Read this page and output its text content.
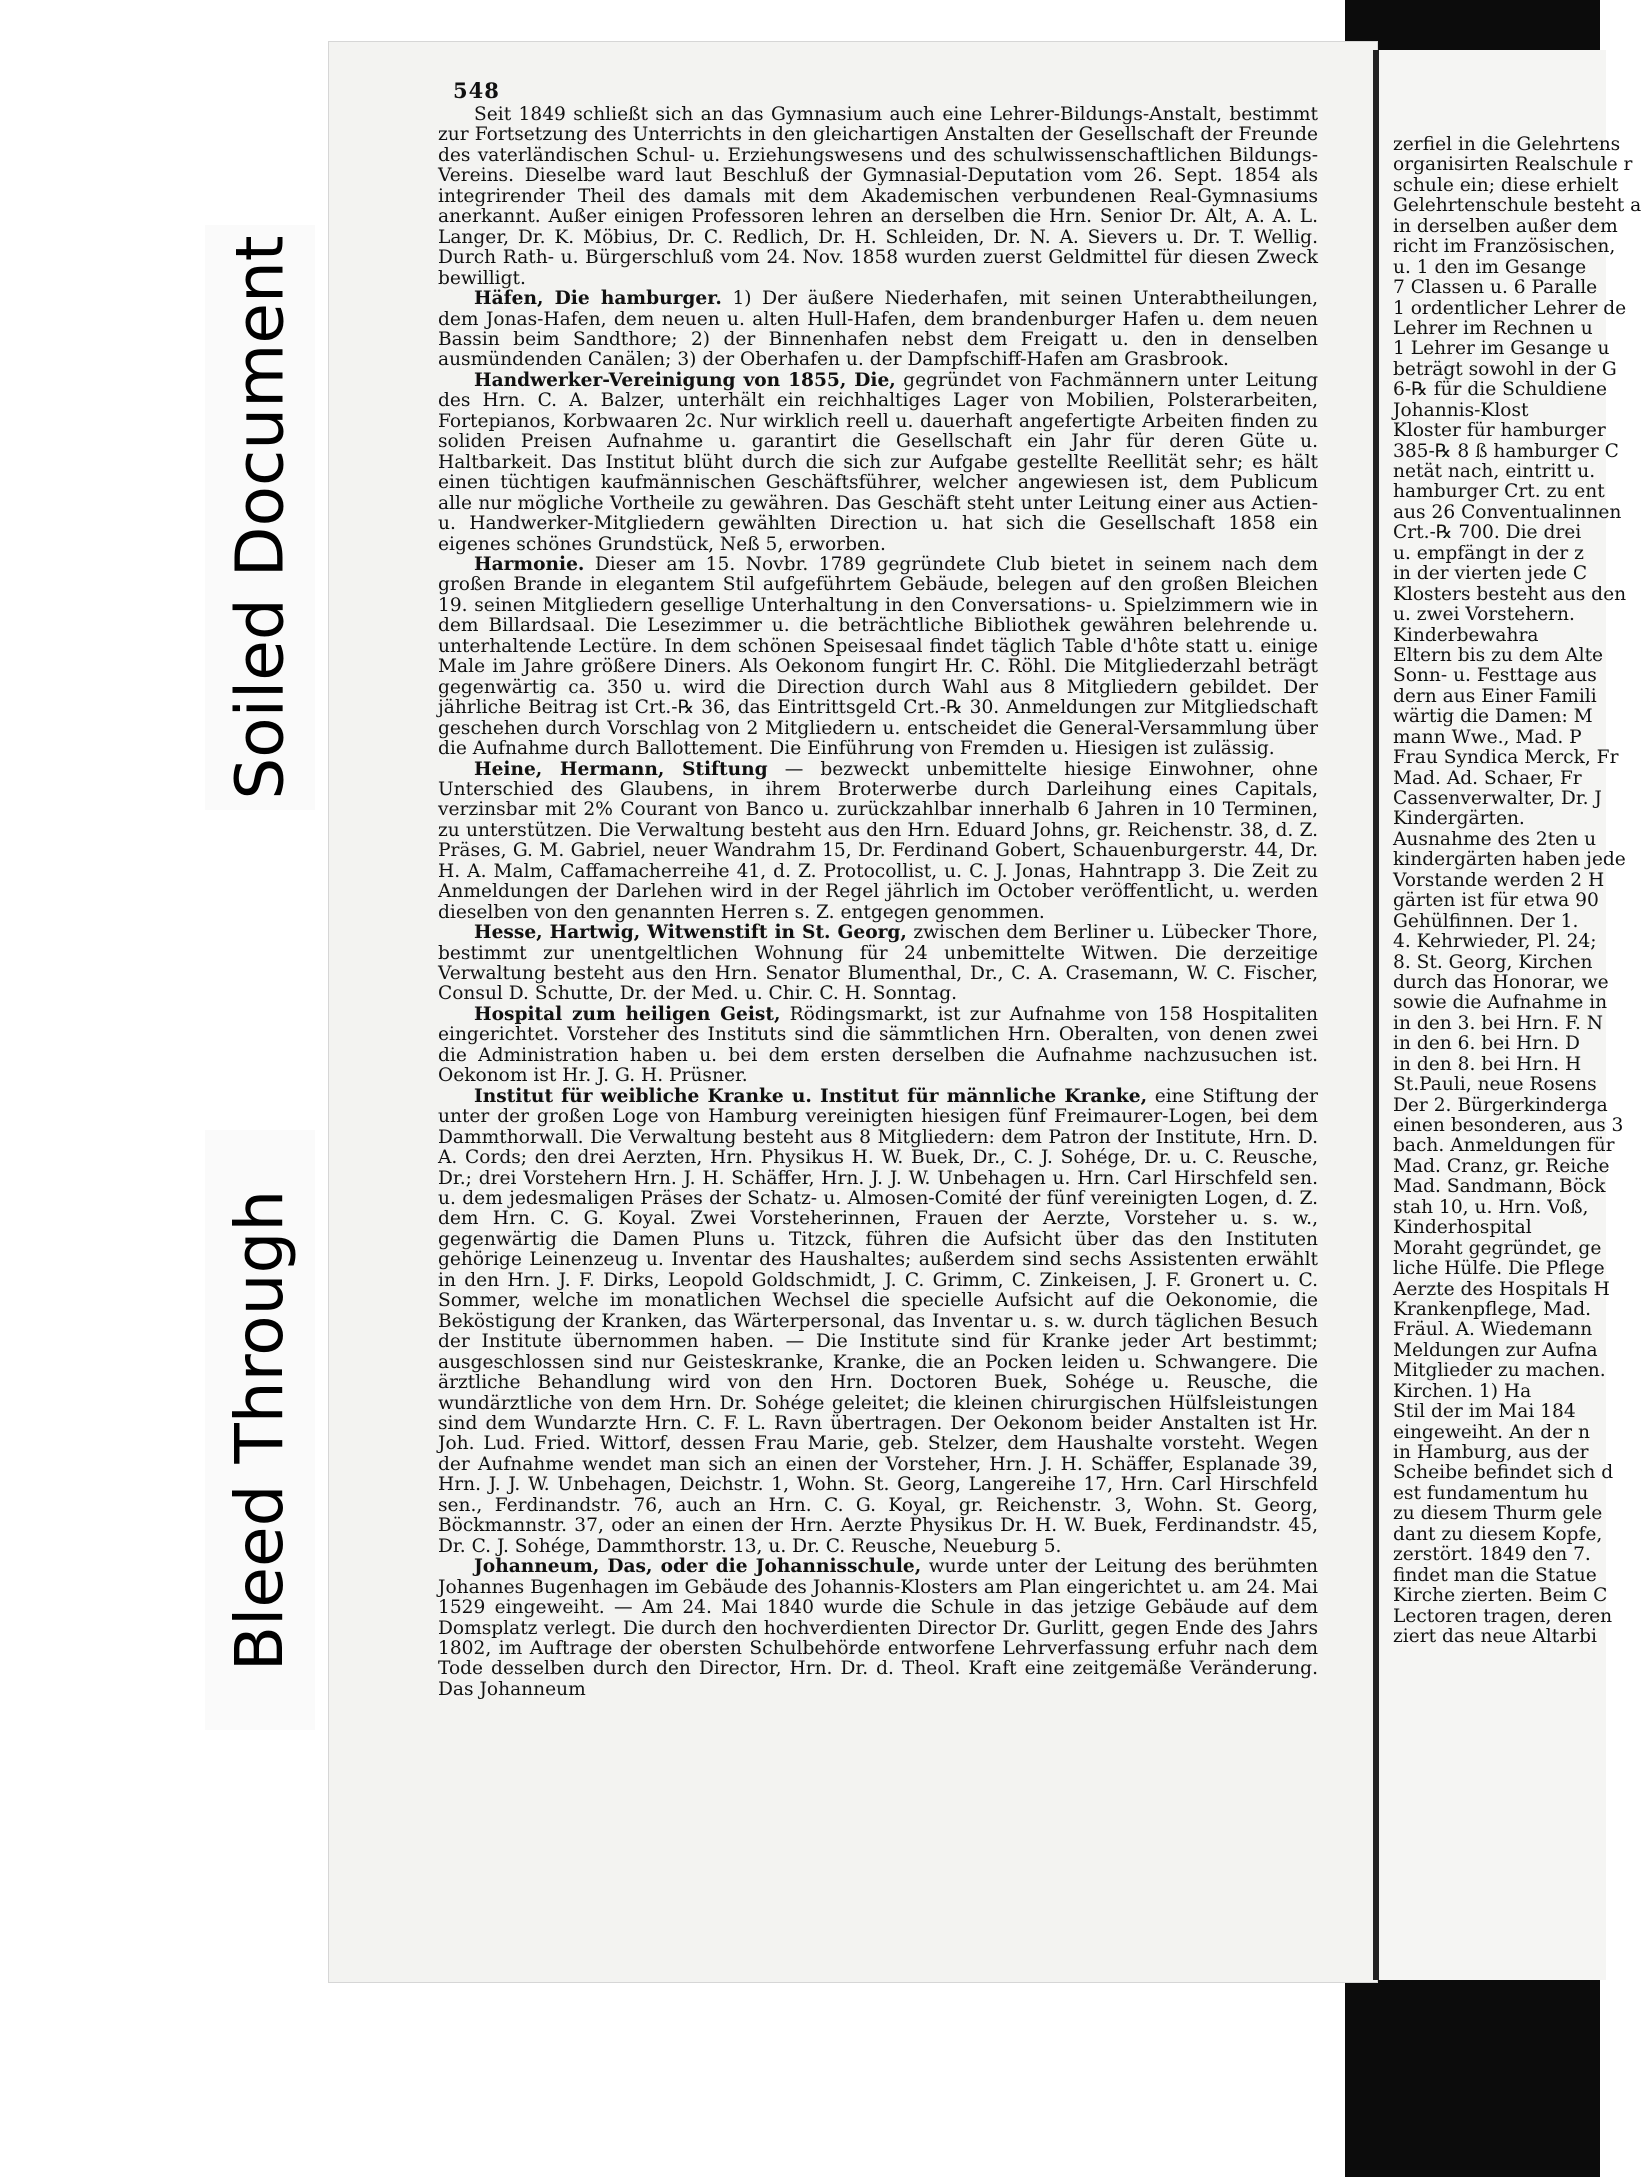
Soiled Document
Bleed Through
548

Seit 1849 schließt sich an das Gymnasium auch eine Lehrer-Bildungs-Anstalt, bestimmt zur Fortsetzung des Unterrichts in den gleichartigen Anstalten der Gesellschaft der Freunde des vaterländischen Schul- u. Erziehungswesens und des schulwissenschaftlichen Bildungs-Vereins. Dieselbe ward laut Beschluß der Gymnasial-Deputation vom 26. Sept. 1854 als integrirender Theil des damals mit dem Akademischen verbundenen Real-Gymnasiums anerkannt. Außer einigen Professoren lehren an derselben die Hrn. Senior Dr. Alt, A. A. L. Langer, Dr. K. Möbius, Dr. C. Redlich, Dr. H. Schleiden, Dr. N. A. Sievers u. Dr. T. Wellig. Durch Rath- u. Bürgerschluß vom 24. Nov. 1858 wurden zuerst Geldmittel für diesen Zweck bewilligt.

Häfen, Die hamburger. 1) Der äußere Niederhafen, mit seinen Unterabtheilungen, dem Jonas-Hafen, dem neuen u. alten Hull-Hafen, dem brandenburger Hafen u. dem neuen Bassin beim Sandthore; 2) der Binnenhafen nebst dem Freigatt u. den in denselben ausmündenden Canälen; 3) der Oberhafen u. der Dampfschiff-Hafen am Grasbrook.

Handwerker-Vereinigung von 1855, Die, gegründet von Fachmännern unter Leitung des Hrn. C. A. Balzer, unterhält ein reichhaltiges Lager von Mobilien, Polsterarbeiten, Fortepianos, Korbwaaren 2c. Nur wirklich reell u. dauerhaft angefertigte Arbeiten finden zu soliden Preisen Aufnahme u. garantirt die Gesellschaft ein Jahr für deren Güte u. Haltbarkeit. Das Institut blüht durch die sich zur Aufgabe gestellte Reellität sehr; es hält einen tüchtigen kaufmännischen Geschäftsführer, welcher angewiesen ist, dem Publicum alle nur mögliche Vortheile zu gewähren. Das Geschäft steht unter Leitung einer aus Actien- u. Handwerker-Mitgliedern gewählten Direction u. hat sich die Gesellschaft 1858 ein eigenes schönes Grundstück, Neß 5, erworben.

Harmonie. Dieser am 15. Novbr. 1789 gegründete Club bietet in seinem nach dem großen Brande in elegantem Stil aufgeführtem Gebäude, belegen auf den großen Bleichen 19. seinen Mitgliedern gesellige Unterhaltung in den Conversations- u. Spielzimmern wie in dem Billardsaal. Die Lesezimmer u. die beträchtliche Bibliothek gewähren belehrende u. unterhaltende Lectüre. In dem schönen Speisesaal findet täglich Table d'hôte statt u. einige Male im Jahre größere Diners. Als Oekonom fungirt Hr. C. Röhl. Die Mitgliederzahl beträgt gegenwärtig ca. 350 u. wird die Direction durch Wahl aus 8 Mitgliedern gebildet. Der jährliche Beitrag ist Crt.-℞ 36, das Eintrittsgeld Crt.-℞ 30. Anmeldungen zur Mitgliedschaft geschehen durch Vorschlag von 2 Mitgliedern u. entscheidet die General-Versammlung über die Aufnahme durch Ballottement. Die Einführung von Fremden u. Hiesigen ist zulässig.

Heine, Hermann, Stiftung — bezweckt unbemittelte hiesige Einwohner, ohne Unterschied des Glaubens, in ihrem Broterwerbe durch Darleihung eines Capitals, verzinsbar mit 2% Courant von Banco u. zurückzahlbar innerhalb 6 Jahren in 10 Terminen, zu unterstützen. Die Verwaltung besteht aus den Hrn. Eduard Johns, gr. Reichenstr. 38, d. Z. Präses, G. M. Gabriel, neuer Wandrahm 15, Dr. Ferdinand Gobert, Schauenburgerstr. 44, Dr. H. A. Malm, Caffamacherreihe 41, d. Z. Protocollist, u. C. J. Jonas, Hahntrapp 3. Die Zeit zu Anmeldungen der Darlehen wird in der Regel jährlich im October veröffentlicht, u. werden dieselben von den genannten Herren s. Z. entgegen genommen.

Hesse, Hartwig, Witwenstift in St. Georg, zwischen dem Berliner u. Lübecker Thore, bestimmt zur unentgeltlichen Wohnung für 24 unbemittelte Witwen. Die derzeitige Verwaltung besteht aus den Hrn. Senator Blumenthal, Dr., C. A. Crasemann, W. C. Fischer, Consul D. Schutte, Dr. der Med. u. Chir. C. H. Sonntag.

Hospital zum heiligen Geist, Rödingsmarkt, ist zur Aufnahme von 158 Hospitaliten eingerichtet. Vorsteher des Instituts sind die sämmtlichen Hrn. Oberalten, von denen zwei die Administration haben u. bei dem ersten derselben die Aufnahme nachzusuchen ist. Oekonom ist Hr. J. G. H. Prüsner.

Institut für weibliche Kranke u. Institut für männliche Kranke, eine Stiftung der unter der großen Loge von Hamburg vereinigten hiesigen fünf Freimaurer-Logen, bei dem Dammthorwall. Die Verwaltung besteht aus 8 Mitgliedern: dem Patron der Institute, Hrn. D. A. Cords; den drei Aerzten, Hrn. Physikus H. W. Buek, Dr., C. J. Sohége, Dr. u. C. Reusche, Dr.; drei Vorstehern Hrn. J. H. Schäffer, Hrn. J. J. W. Unbehagen u. Hrn. Carl Hirschfeld sen. u. dem jedesmaligen Präses der Schatz- u. Almosen-Comité der fünf vereinigten Logen, d. Z. dem Hrn. C. G. Koyal. Zwei Vorsteherinnen, Frauen der Aerzte, Vorsteher u. s. w., gegenwärtig die Damen Pluns u. Titzck, führen die Aufsicht über das den Instituten gehörige Leinenzeug u. Inventar des Haushaltes; außerdem sind sechs Assistenten erwählt in den Hrn. J. F. Dirks, Leopold Goldschmidt, J. C. Grimm, C. Zinkeisen, J. F. Gronert u. C. Sommer, welche im monatlichen Wechsel die specielle Aufsicht auf die Oekonomie, die Beköstigung der Kranken, das Wärterpersonal, das Inventar u. s. w. durch täglichen Besuch der Institute übernommen haben. — Die Institute sind für Kranke jeder Art bestimmt; ausgeschlossen sind nur Geisteskranke, Kranke, die an Pocken leiden u. Schwangere. Die ärztliche Behandlung wird von den Hrn. Doctoren Buek, Sohége u. Reusche, die wundärztliche von dem Hrn. Dr. Sohége geleitet; die kleinen chirurgischen Hülfsleistungen sind dem Wundarzte Hrn. C. F. L. Ravn übertragen. Der Oekonom beider Anstalten ist Hr. Joh. Lud. Fried. Wittorf, dessen Frau Marie, geb. Stelzer, dem Haushalte vorsteht. Wegen der Aufnahme wendet man sich an einen der Vorsteher, Hrn. J. H. Schäffer, Esplanade 39, Hrn. J. J. W. Unbehagen, Deichstr. 1, Wohn. St. Georg, Langereihe 17, Hrn. Carl Hirschfeld sen., Ferdinandstr. 76, auch an Hrn. C. G. Koyal, gr. Reichenstr. 3, Wohn. St. Georg, Böckmannstr. 37, oder an einen der Hrn. Aerzte Physikus Dr. H. W. Buek, Ferdinandstr. 45, Dr. C. J. Sohége, Dammthorstr. 13, u. Dr. C. Reusche, Neueburg 5.

Johanneum, Das, oder die Johannisschule, wurde unter der Leitung des berühmten Johannes Bugenhagen im Gebäude des Johannis-Klosters am Plan eingerichtet u. am 24. Mai 1529 eingeweiht. — Am 24. Mai 1840 wurde die Schule in das jetzige Gebäude auf dem Domsplatz verlegt. Die durch den hochverdienten Director Dr. Gurlitt, gegen Ende des Jahrs 1802, im Auftrage der obersten Schulbehörde entworfene Lehrverfassung erfuhr nach dem Tode desselben durch den Director, Hrn. Dr. d. Theol. Kraft eine zeitgemäße Veränderung. Das Johanneum

zerfiel in die Gelehrtens
organisirten Realschule r
schule ein; diese erhielt
Gelehrtenschule besteht a
in derselben außer dem
richt im Französischen,
u. 1 den im Gesange
7 Classen u. 6 Paralle
1 ordentlicher Lehrer de
Lehrer im Rechnen u
1 Lehrer im Gesange u
beträgt sowohl in der G
6-℞ für die Schuldiene
Johannis-Klost
Kloster für hamburger
385-℞ 8 ß hamburger C
netät nach, eintritt u.
hamburger Crt. zu ent
aus 26 Conventualinnen
Crt.-℞ 700. Die drei
u. empfängt in der z
in der vierten jede C
Klosters besteht aus den
u. zwei Vorstehern.
Kinderbewahra
Eltern bis zu dem Alte
Sonn- u. Festtage aus
dern aus Einer Famili
wärtig die Damen: M
mann Wwe., Mad. P
Frau Syndica Merck, Fr
Mad. Ad. Schaer, Fr
Cassenverwalter, Dr. J
Kindergärten.
Ausnahme des 2ten u
kindergärten haben jede
Vorstande werden 2 H
gärten ist für etwa 90
Gehülfinnen. Der 1.
4. Kehrwieder, Pl. 24;
8. St. Georg, Kirchen
durch das Honorar, we
sowie die Aufnahme in
in den 3. bei Hrn. F. N
in den 6. bei Hrn. D
in den 8. bei Hrn. H
St.Pauli, neue Rosens
Der 2. Bürgerkinderga
einen besonderen, aus 3
bach. Anmeldungen für
Mad. Cranz, gr. Reiche
Mad. Sandmann, Böck
stah 10, u. Hrn. Voß,
Kinderhospital
Moraht gegründet, ge
liche Hülfe. Die Pflege
Aerzte des Hospitals H
Krankenpflege, Mad.
Fräul. A. Wiedemann
Meldungen zur Aufna
Mitglieder zu machen.
Kirchen. 1) Ha
Stil der im Mai 184
eingeweiht. An der n
in Hamburg, aus der
Scheibe befindet sich d
est fundamentum hu
zu diesem Thurm gele
dant zu diesem Kopfe,
zerstört. 1849 den 7.
findet man die Statue
Kirche zierten. Beim C
Lectoren tragen, deren
ziert das neue Altarbi
